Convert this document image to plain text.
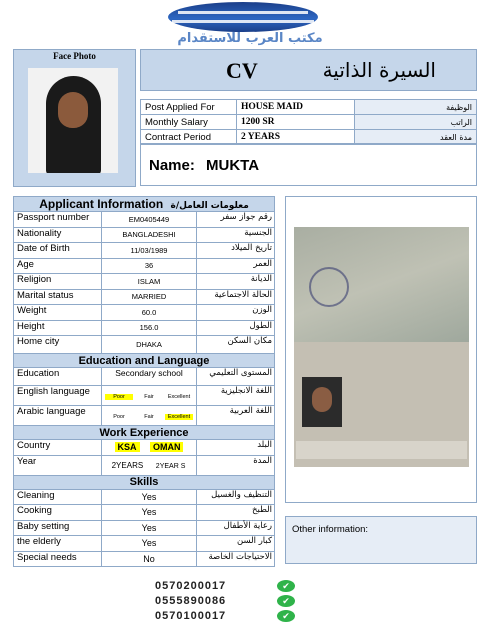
مكتب العرب للاستقدام
Face Photo
CV	السيرة الذاتية
Post Applied For	HOUSE MAID	الوظيفة
Monthly Salary	1200 SR	الراتب
Contract Period	2 YEARS	مدة العقد
Name: MUKTA
Applicant Information معلومات العامل/ة		
Passport number	EM0405449	رقم جواز سفر
Nationality	BANGLADESHI	الجنسية
Date of Birth	11/03/1989	تاريخ الميلاد
Age	36	العمر
Religion	ISLAM	الديانة
Marital status	MARRIED	الحالة الاجتماعية
Weight	60.0	الوزن
Height	156.0	الطول
Home city	DHAKA	مكان السكن
Education and Language		
Education	Secondary school	المستوى التعليمي
English language	Poor Fair Excellent	اللغة الانجليزية
Arabic language	Poor Fair Excellent	اللغة العربية
Work Experience		
Country	KSA OMAN	البلد
Year	2YEARS 2YEAR S	المدة
Skills		
Cleaning	Yes	التنظيف والغسيل
Cooking	Yes	الطبخ
Baby setting	Yes	رعاية الأطفال
the elderly	Yes	كبار السن
Special needs	No	الاحتياجات الخاصة
Other information:
0570200017	✔
0555890086	✔
0570100017	✔
